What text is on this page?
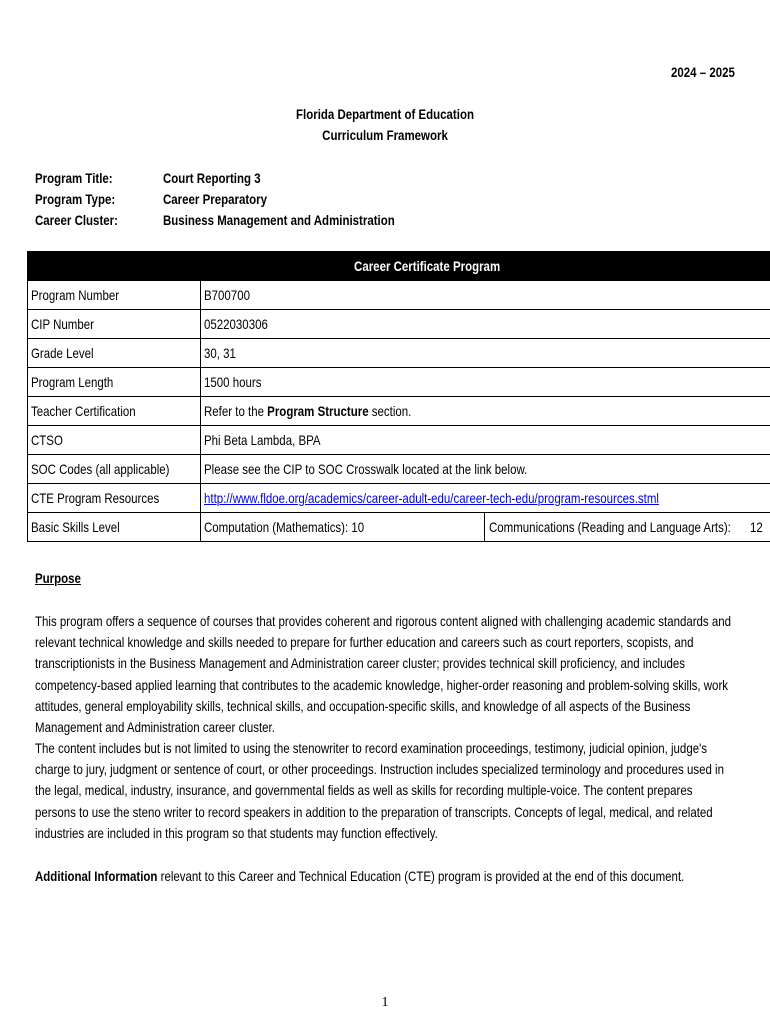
2024 – 2025
Florida Department of Education
Curriculum Framework
Program Title:	Court Reporting 3
Program Type:	Career Preparatory
Career Cluster:	Business Management and Administration
Career Certificate Program	
Program Number	B700700
CIP Number	0522030306
Grade Level	30, 31
Program Length	1500 hours
Teacher Certification	Refer to the Program Structure section.
CTSO	Phi Beta Lambda, BPA
SOC Codes (all applicable)	Please see the CIP to SOC Crosswalk located at the link below.
CTE Program Resources	http://www.fldoe.org/academics/career-adult-edu/career-tech-edu/program-resources.stml
Basic Skills Level	Computation (Mathematics): 10 Communications (Reading and Language Arts): 12
Purpose
This program offers a sequence of courses that provides coherent and rigorous content aligned with challenging academic standards and relevant technical knowledge and skills needed to prepare for further education and careers such as court reporters, scopists, and transcriptionists in the Business Management and Administration career cluster; provides technical skill proficiency, and includes competency-based applied learning that contributes to the academic knowledge, higher-order reasoning and problem-solving skills, work attitudes, general employability skills, technical skills, and occupation-specific skills, and knowledge of all aspects of the Business Management and Administration career cluster.
The content includes but is not limited to using the stenowriter to record examination proceedings, testimony, judicial opinion, judge's charge to jury, judgment or sentence of court, or other proceedings. Instruction includes specialized terminology and procedures used in the legal, medical, industry, insurance, and governmental fields as well as skills for recording multiple-voice. The content prepares persons to use the steno writer to record speakers in addition to the preparation of transcripts. Concepts of legal, medical, and related industries are included in this program so that students may function effectively.
Additional Information relevant to this Career and Technical Education (CTE) program is provided at the end of this document.
1
